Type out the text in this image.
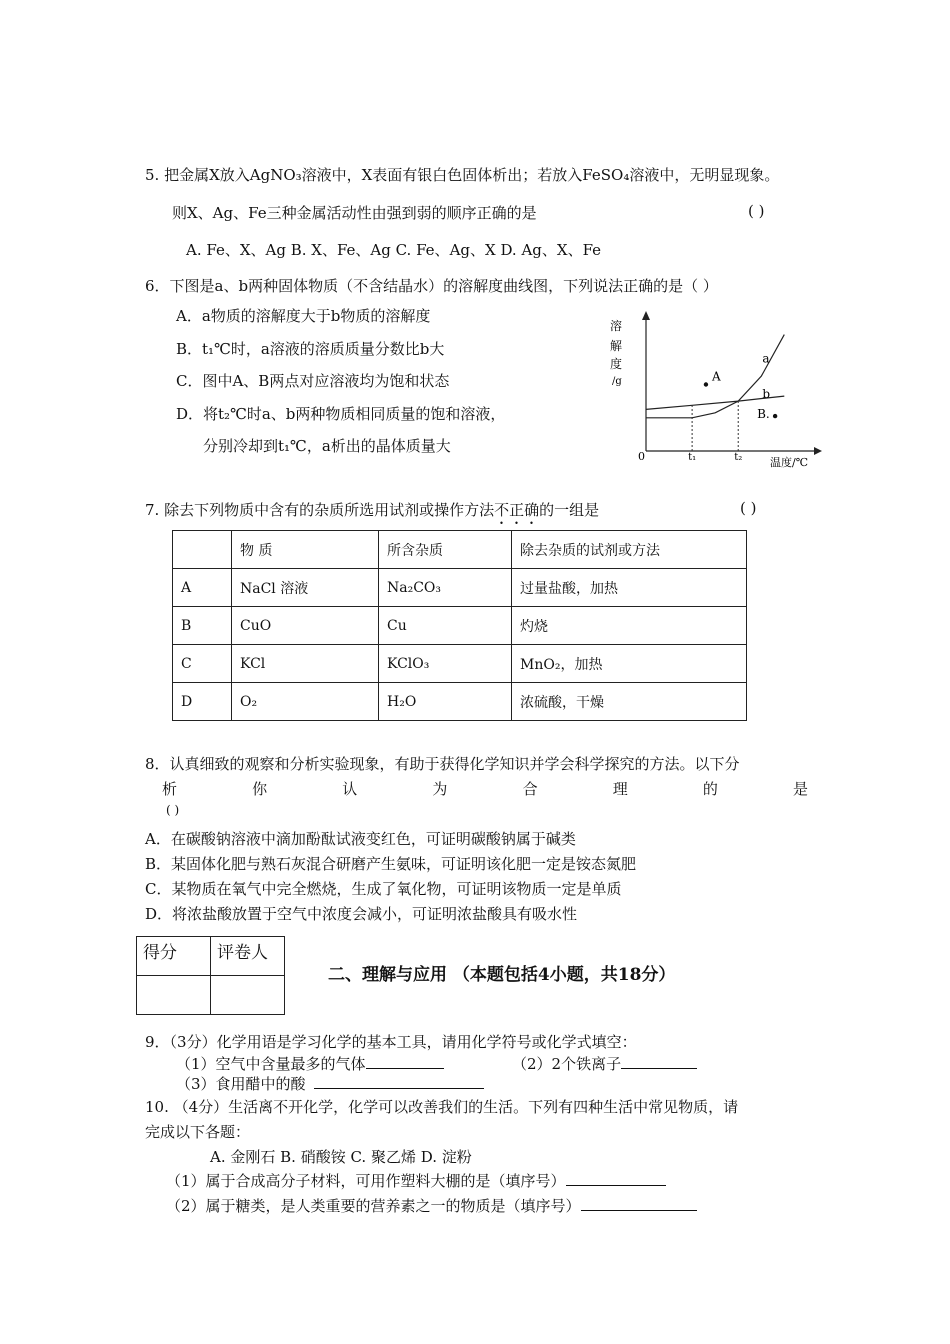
5. 把金属X放入AgNO₃溶液中，X表面有银白色固体析出；若放入FeSO₄溶液中，无明显现象。
则X、Ag、Fe三种金属活动性由强到弱的顺序正确的是	( )
A. Fe、X、Ag B. X、Fe、Ag C. Fe、Ag、X D. Ag、X、Fe
6．下图是a、b两种固体物质（不含结晶水）的溶解度曲线图，下列说法正确的是（ ）
A．a物质的溶解度大于b物质的溶解度
B．t₁℃时，a溶液的溶质质量分数比b大
C．图中A、B两点对应溶液均为饱和状态
D．将t₂℃时a、b两种物质相同质量的饱和溶液，
分别冷却到t₁℃，a析出的晶体质量大
溶
解
度
/g
溶解度/g
温度/℃
0
a
b
t₁	t₂
A
B.
7. 除去下列物质中含有的杂质所选用试剂或操作方法不正确的一组是	( )
	物 质	所含杂质	除去杂质的试剂或方法
A	NaCl 溶液	Na₂CO₃	过量盐酸，加热
B	CuO	Cu	灼烧
C	KCl	KClO₃	MnO₂，加热
D	O₂	H₂O	浓硫酸，干燥
8．认真细致的观察和分析实验现象，有助于获得化学知识并学会科学探究的方法。以下分
析	你	认	为	合	理	的	是
( )
A．在碳酸钠溶液中滴加酚酞试液变红色，可证明碳酸钠属于碱类
B．某固体化肥与熟石灰混合研磨产生氨味，可证明该化肥一定是铵态氮肥
C．某物质在氧气中完全燃烧，生成了氧化物，可证明该物质一定是单质
D．将浓盐酸放置于空气中浓度会减小，可证明浓盐酸具有吸水性
得分	评卷人

二、理解与应用 （本题包括4小题，共18分）
9．（3分）化学用语是学习化学的基本工具，请用化学符号或化学式填空：
（1）空气中含量最多的气体	（2）2个铁离子
（3）食用醋中的酸
10. （4分）生活离不开化学，化学可以改善我们的生活。下列有四种生活中常见物质，请
完成以下各题：
A. 金刚石 B. 硝酸铵 C. 聚乙烯 D. 淀粉
（1）属于合成高分子材料，可用作塑料大棚的是（填序号）
（2）属于糖类，是人类重要的营养素之一的物质是（填序号）
